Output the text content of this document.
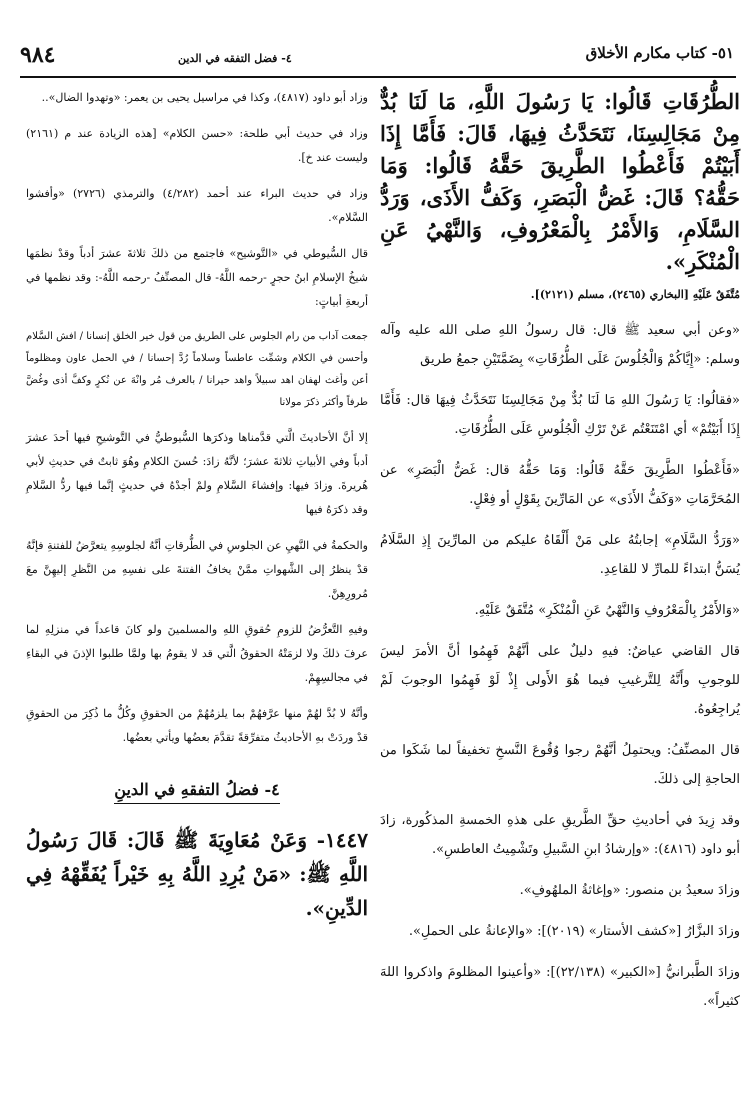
٥١- كتاب مكارم الأخلاق
٤- فضل التفقه في الدين
٩٨٤

الطُّرُقَاتِ قَالُوا: يَا رَسُولَ اللَّهِ، مَا لَنَا بُدٌّ مِنْ مَجَالِسِنَا، نَتَحَدَّثُ فِيهَا، قَالَ: فَأَمَّا إِذَا أَبَيْتُمْ فَأَعْطُوا الطَّرِيقَ حَقَّهُ قَالُوا: وَمَا حَقُّهُ؟ قَالَ: غَضُّ الْبَصَرِ، وَكَفُّ الأَذَى، وَرَدُّ السَّلَامِ، وَالأَمْرُ بِالْمَعْرُوفِ، وَالنَّهْيُ عَنِ الْمُنْكَرِ».

مُتَّفَقٌ عَلَيْهِ [البخاري (٢٤٦٥)، مسلم (٢١٢١)].

«وعن أبي سعيد ﷺ قال: قال رسولُ اللهِ صلى الله عليه وآله وسلم: «إِيَّاكُمْ وَالْجُلُوسَ عَلَى الطُّرُقَاتِ» بِضَمَّتَيْنِ جمعُ طريق

«فقالُوا: يَا رَسُولَ اللهِ مَا لَنَا بُدٌّ مِنْ مَجَالِسِنَا نَتَحَدَّثُ فِيهَا قال: فَأَمَّا إِذَا أَبَيْتُمْ» أي امْتَنَعْتُم عَنْ تَرْكِ الْجُلُوسِ عَلَى الطُّرُقَاتِ.

«فَأَعْطُوا الطَّرِيقَ حَقَّهُ قَالُوا: وَمَا حَقُّهُ قال: غَضُّ الْبَصَرِ» عن المُحَرَّمَاتِ «وَكَفُّ الأَذَى» عن المَارِّينَ بِقَوْلٍ أو فِعْلٍ.

«وَرَدُّ السَّلَامِ» إجابتُهُ على مَنْ أَلْقَاهُ عليكم من المارِّينَ إِذِ السَّلَامُ يُسَنُّ ابتداءً للمارِّ لا للقاعِدِ.

«وَالأَمْرُ بِالْمَعْرُوفِ وَالنَّهْيُ عَنِ الْمُنْكَرِ» مُتَّفَقٌ عَلَيْهِ.

قال القاضي عياضٌ: فيهِ دليلٌ على أنَّهُمْ فَهِمُوا أنَّ الأمرَ ليسَ للوجوبِ وأَنَّهُ لِلتَّرغيبِ فيما هُوَ الأَولى إِذْ لَوْ فَهِمُوا الوجوبَ لَمْ يُراجِعُوهُ.

قال المصنِّفُ: ويحتمِلُ أنَّهُمْ رجوا وُقُوعَ النَّسخِ تخفيفاً لما شَكَوا من الحاجةِ إلى ذلكَ.

وقد زِيدَ في أحاديثِ حقِّ الطَّريقِ على هذهِ الخمسةِ المذكُورة، زادَ أبو داود (٤٨١٦): «وإرشادُ ابنِ السَّبيلِ وتَشْمِيتُ العاطسِ».

وزادَ سعيدُ بن منصور: «وإغاثةُ الملهُوفِ».

وزادَ البزَّارُ [«كشف الأستار» (٢٠١٩)]: «والإعانةُ على الحملِ».

وزادَ الطَّبرانيُّ [«الكبير» (٢٢/١٣٨)]: «وأعينوا المظلومَ واذكروا اللهَ كثيراً».

وزاد أبو داود (٤٨١٧)، وكذا في مراسيل يحيى بن يعمر: «وتهدوا الضال»..

وزاد في حديث أبي طلحة: «حسن الكلام» [هذه الزيادة عند م (٢١٦١) وليست عند خ].

وزاد في حديث البراء عند أحمد (٤/٢٨٢) والترمذي (٢٧٢٦) «وأفشوا السَّلام».

قال السُّيوطي في «التَّوشيح» فاجتمع من ذلكَ ثلاثةَ عشرَ أدباً وقدْ نظمَها شيخُ الإسلامِ ابنُ حجرٍ -رحمه اللَّهُ- قال المصنِّفُ -رحمه اللَّهُ-: وقد نظمها في أربعةِ أبياتٍ:

جمعت آداب من رام الجلوس على الطريق من قول خير الخلق إنسانا / افش السَّلام وأحسن في الكلام وشمِّت عاطساً وسلاماً رُدَّ إحسانا / في الحمل عاون ومظلوماً أعن وأغث لهفان اهد سبيلاً واهد حيرانا / بالعرف مُر وانْهَ عن نُكرٍ وكفَّ أذى وغُضَّ طرفاً وأكثر ذكرَ مولانا

إلا أنَّ الأحاديثَ الَّتي قدَّمناها وذكرَها السُّيوطيُّ في التَّوشيحِ فيها أحدَ عشرَ أدباً وفي الأبياتِ ثلاثةَ عشرَ؛ لأنَّهُ زادَ: حُسنَ الكلامِ وهُوَ ثابتٌ في حديثِ لأبي هُريرةَ. وزادَ فيها: وإفشاءَ السَّلامِ ولمْ أجدْهُ في حديثٍ إنَّما فيها ردُّ السَّلامِ وقد ذكرَهُ فيها

والحكمةُ في النَّهيِ عن الجلوسِ في الطُّرقاتِ أنَّهُ لجلوسِهِ يتعرَّضُ للفتنةِ فإنَّهُ قدْ ينظرُ إلى الشَّهواتِ ممَّنْ يخافُ الفتنةَ على نفسِهِ من النَّظرِ إليهِنَّ معَ مُرورِهِنَّ.

وفيهِ التَّعرُّضُ للزومِ حُقوقِ اللهِ والمسلمينَ ولو كانَ قاعداً في منزلِهِ لما عرفَ ذلكَ ولا لزمَتْهُ الحقوقُ الَّتي قد لا يقومُ بها ولمَّا طلبوا الإذنَ في البقاءِ في مجالسِهِمْ.

وأنَّهُ لا بُدَّ لهُمْ منها عرَّفهُمْ بما يلزمُهُمْ من الحقوقِ وكُلُّ ما ذُكِرَ من الحقوقِ قدْ وردَتْ بهِ الأحاديثُ متفرِّقةً تقدَّمَ بعضُها ويأتي بعضُها.

٤- فضلُ التفقهِ في الدينِ

١٤٤٧- وَعَنْ مُعَاوِيَةَ ﷺ قَالَ: قَالَ رَسُولُ اللَّهِ ﷺ: «مَنْ يُرِدِ اللَّهُ بِهِ خَيْراً يُفَقِّهْهُ فِي الدِّينِ».
